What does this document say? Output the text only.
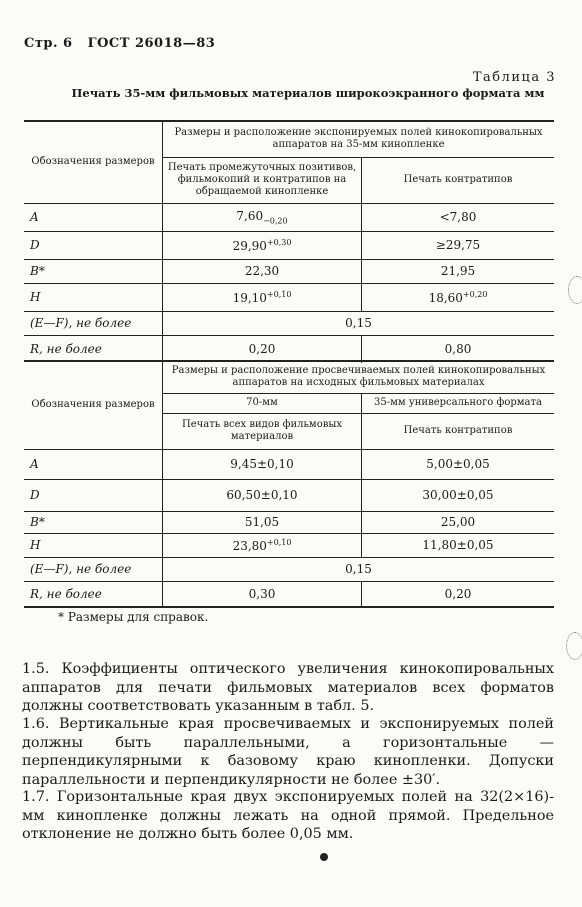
Стр. 6 ГОСТ 26018—83
Таблица 3
Печать 35-мм фильмовых материалов широкоэкранного формата мм
Обозначения размеров	Размеры и расположение экспонируемых полей кинокопировальных аппаратов на 35-мм кинопленке	
	Печать промежуточных позитивов, фильмокопий и контратипов на обращаемой кинопленке	Печать контратипов
A	$7,60_{-0,20}$	<7,80
D	$29,90^{+0,30}$	≥29,75
B*	22,30	21,95
H	$19,10^{+0,10}$	$18,60^{+0,20}$
(E—F), не более	0,15	
R, не более	0,20	0,80
Обозначения размеров	Размеры и расположение просвечиваемых полей кинокопировальных аппаратов на исходных фильмовых материалах	
	70-мм	35-мм универсального формата
	Печать всех видов фильмовых материалов	Печать контратипов
A	9,45±0,10	5,00±0,05
D	60,50±0,10	30,00±0,05
B*	51,05	25,00
H	$23,80^{+0,10}$	11,80±0,05
(E—F), не более	0,15	
R, не более	0,30	0,20
* Размеры для справок.
1.5. Коэффициенты оптического увеличения кинокопировальных аппаратов для печати фильмовых материалов всех форматов должны соответствовать указанным в табл. 5.
1.6. Вертикальные края просвечиваемых и экспонируемых полей должны быть параллельными, а горизонтальные — перпендикулярными к базовому краю кинопленки. Допуски параллельности и перпендикулярности не более ±30′.
1.7. Горизонтальные края двух экспонируемых полей на 32(2×16)-мм кинопленке должны лежать на одной прямой. Предельное отклонение не должно быть более 0,05 мм.
